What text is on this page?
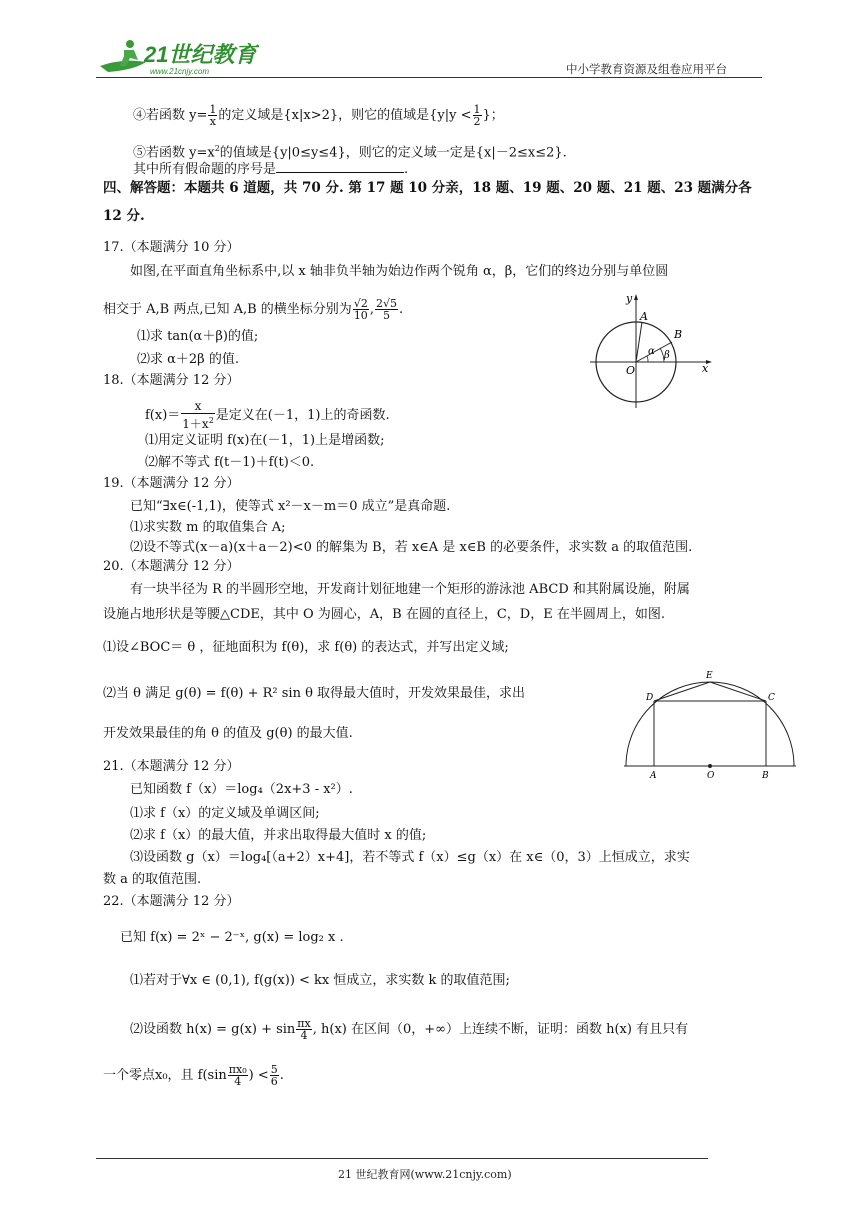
21世纪教育
www.21cnjy.com	中小学教育资源及组卷应用平台
④若函数 $y= \frac{1}{x}$ 的定义域是{x|x>2}，则它的值域是{$y|y < \frac{1}{2}$ }；
⑤若函数 $y=x^2$的值域是{y|0≤y≤4}，则它的定义域一定是{x|－2≤x≤2}.
其中所有假命题的序号是	.
四、解答题：本题共 6 道题，共 70 分. 第 17 题 10 分亲，18 题、19 题、20 题、21 题、23 题满分各
12 分.
17.（本题满分 10 分）
如图,在平面直角坐标系中,以 x 轴非负半轴为始边作两个锐角 α，β，它们的终边分别与单位圆
相交于 A,B 两点,已知 A,B 的横坐标分别为 $\frac{√2}{10}$ , $\frac{2√5}{5}$ .
⑴求 tan(α＋β)的值;
⑵求 α＋2β 的值.
y
A
B
α β
O	x
18.（本题满分 12 分）
$f(x)= \frac{x}{1+x^2}$ 是定义在(－1，1)上的奇函数.
⑴用定义证明 f(x)在(－1，1)上是增函数;
⑵解不等式 f(t－1)＋f(t)＜0.
19.（本题满分 12 分）
已知“∃x∈(-1,1)，使等式 x²－x－m＝0 成立”是真命题.
⑴求实数 m 的取值集合 A;
⑵设不等式(x－a)(x＋a－2)<0 的解集为 B，若 x∈A 是 x∈B 的必要条件，求实数 a 的取值范围.
20.（本题满分 12 分）
有一块半径为 R 的半圆形空地，开发商计划征地建一个矩形的游泳池 ABCD 和其附属设施，附属
设施占地形状是等腰△CDE，其中 O 为圆心，A，B 在圆的直径上，C，D，E 在半圆周上，如图.
⑴设∠BOC＝ θ ，征地面积为 f(θ)，求 f(θ) 的表达式，并写出定义域;
⑵当 θ 满足 g(θ) = f(θ) + R² sin θ 取得最大值时，开发效果最佳，求出
开发效果最佳的角 θ 的值及 g(θ) 的最大值.
E
D	C
A	O	B
21.（本题满分 12 分）
已知函数 f（x）＝log₄（2x+3 - x²）.
⑴求 f（x）的定义域及单调区间;
⑵求 f（x）的最大值，并求出取得最大值时 x 的值;
⑶设函数 g（x）＝log₄[（a+2）x+4]，若不等式 f（x）≤g（x）在 x∈（0，3）上恒成立，求实
数 a 的取值范围.
22.（本题满分 12 分）
已知 f(x) = 2ˣ − 2⁻ˣ, g(x) = log₂ x .
⑴若对于∀x ∈ (0,1), f(g(x)) < kx 恒成立，求实数 k 的取值范围;
⑵设函数 $h(x) = g(x) + \sin \frac{\pi x}{4}$ , h(x) 在区间（0，+∞）上连续不断，证明：函数 h(x) 有且只有
一个零点x₀，且 $f(\sin \frac{\text{πx₀}}{4}$ ) < $\frac{5}{6}$ .
21 世纪教育网(www.21cnjy.com)
